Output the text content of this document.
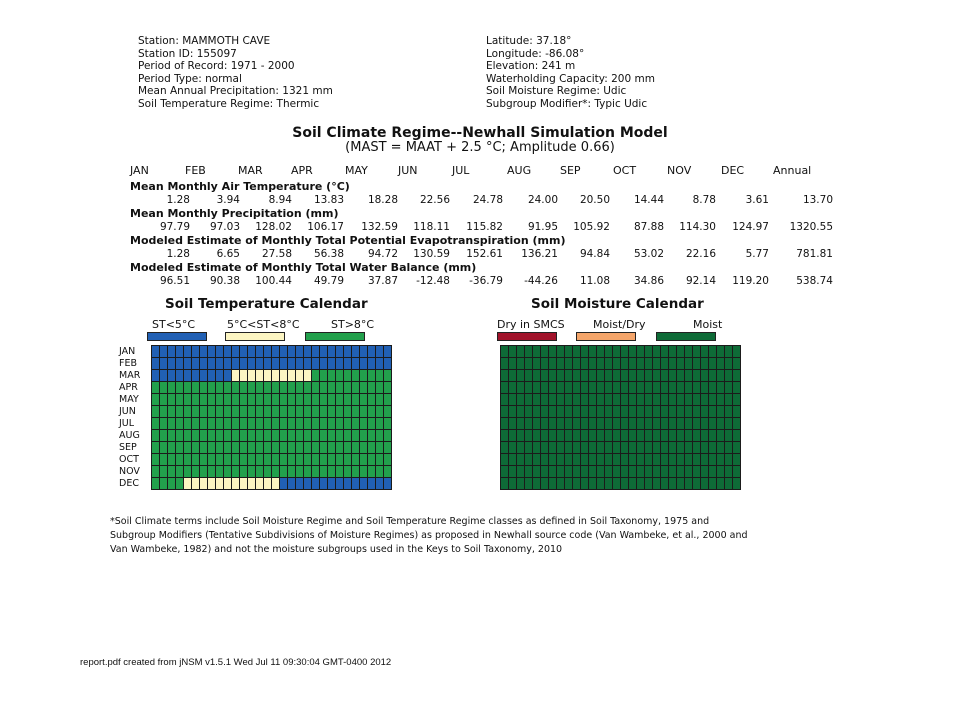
Station: MAMMOTH CAVE
Station ID: 155097
Period of Record: 1971 - 2000
Period Type: normal
Mean Annual Precipitation: 1321 mm
Soil Temperature Regime: Thermic
Latitude: 37.18°
Longitude: -86.08°
Elevation: 241 m
Waterholding Capacity: 200 mm
Soil Moisture Regime: Udic
Subgroup Modifier*: Typic Udic
Soil Climate Regime--Newhall Simulation Model
(MAST = MAAT + 2.5 °C; Amplitude 0.66)
JAN	FEB	MAR	APR	MAY	JUN	JUL	AUG	SEP	OCT	NOV	DEC	Annual
Mean Monthly Air Temperature (°C)
1.28	3.94	8.94	13.83	18.28	22.56	24.78	24.00	20.50	14.44	8.78	3.61	13.70
Mean Monthly Precipitation (mm)
97.79	97.03	128.02	106.17	132.59	118.11	115.82	91.95	105.92	87.88	114.30	124.97	1320.55
Modeled Estimate of Monthly Total Potential Evapotranspiration (mm)
1.28	6.65	27.58	56.38	94.72	130.59	152.61	136.21	94.84	53.02	22.16	5.77	781.81
Modeled Estimate of Monthly Total Water Balance (mm)
96.51	90.38	100.44	49.79	37.87	-12.48	-36.79	-44.26	11.08	34.86	92.14	119.20	538.74
Soil Temperature Calendar
ST<5°C	5°C<ST<8°C	ST>8°C
JAN
FEB
MAR
APR
MAY
JUN
JUL
AUG
SEP
OCT
NOV
DEC
Soil Moisture Calendar
Dry in SMCS	Moist/Dry	Moist
*Soil Climate terms include Soil Moisture Regime and Soil Temperature Regime classes as defined in Soil Taxonomy, 1975 and Subgroup Modifiers (Tentative Subdivisions of Moisture Regimes) as proposed in Newhall source code (Van Wambeke, et al., 2000 and Van Wambeke, 1982) and not the moisture subgroups used in the Keys to Soil Taxonomy, 2010
report.pdf created from jNSM v1.5.1 Wed Jul 11 09:30:04 GMT-0400 2012
